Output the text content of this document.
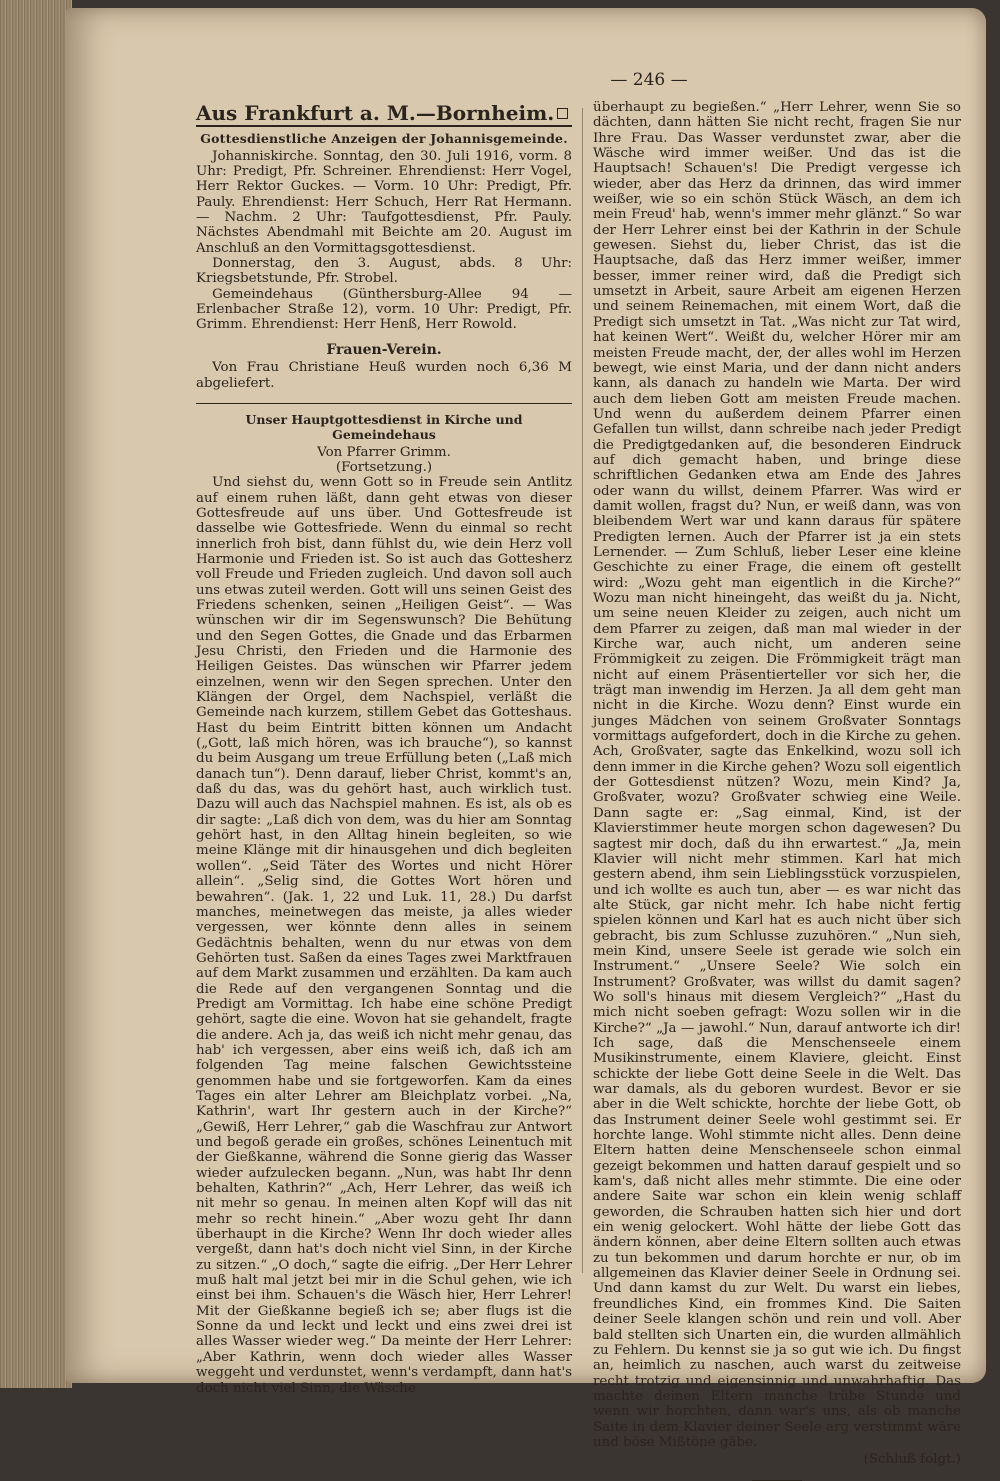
— 246 —
Aus Frankfurt a. M.—Bornheim.
Gottesdienstliche Anzeigen der Johannisgemeinde.

Johanniskirche. Sonntag, den 30. Juli 1916, vorm. 8 Uhr: Predigt, Pfr. Schreiner. Ehrendienst: Herr Vogel, Herr Rektor Guckes. — Vorm. 10 Uhr: Predigt, Pfr. Pauly. Ehrendienst: Herr Schuch, Herr Rat Hermann. — Nachm. 2 Uhr: Taufgottesdienst, Pfr. Pauly. Nächstes Abendmahl mit Beichte am 20. August im Anschluß an den Vormittagsgottesdienst.

Donnerstag, den 3. August, abds. 8 Uhr: Kriegsbetstunde, Pfr. Strobel.

Gemeindehaus (Günthersburg-Allee 94 — Erlenbacher Straße 12), vorm. 10 Uhr: Predigt, Pfr. Grimm. Ehrendienst: Herr Henß, Herr Rowold.

Frauen-Verein.

Von Frau Christiane Heuß wurden noch 6,36 M abgeliefert.

Unser Hauptgottesdienst in Kirche und Gemeindehaus
Von Pfarrer Grimm.
(Fortsetzung.)

Und siehst du, wenn Gott so in Freude sein Antlitz auf einem ruhen läßt, dann geht etwas von dieser Gottesfreude auf uns über. Und Gottesfreude ist dasselbe wie Gottesfriede. Wenn du einmal so recht innerlich froh bist, dann fühlst du, wie dein Herz voll Harmonie und Frieden ist. So ist auch das Gottesherz voll Freude und Frieden zugleich. Und davon soll auch uns etwas zuteil werden. Gott will uns seinen Geist des Friedens schenken, seinen „Heiligen Geist“. — Was wünschen wir dir im Segenswunsch? Die Behütung und den Segen Gottes, die Gnade und das Erbarmen Jesu Christi, den Frieden und die Harmonie des Heiligen Geistes. Das wünschen wir Pfarrer jedem einzelnen, wenn wir den Segen sprechen. Unter den Klängen der Orgel, dem Nachspiel, verläßt die Gemeinde nach kurzem, stillem Gebet das Gotteshaus. Hast du beim Eintritt bitten können um Andacht („Gott, laß mich hören, was ich brauche“), so kannst du beim Ausgang um treue Erfüllung beten („Laß mich danach tun“). Denn darauf, lieber Christ, kommt's an, daß du das, was du gehört hast, auch wirklich tust. Dazu will auch das Nachspiel mahnen. Es ist, als ob es dir sagte: „Laß dich von dem, was du hier am Sonntag gehört hast, in den Alltag hinein begleiten, so wie meine Klänge mit dir hinausgehen und dich begleiten wollen“. „Seid Täter des Wortes und nicht Hörer allein“. „Selig sind, die Gottes Wort hören und bewahren“. (Jak. 1, 22 und Luk. 11, 28.) Du darfst manches, meinetwegen das meiste, ja alles wieder vergessen, wer könnte denn alles in seinem Gedächtnis behalten, wenn du nur etwas von dem Gehörten tust. Saßen da eines Tages zwei Marktfrauen auf dem Markt zusammen und erzählten. Da kam auch die Rede auf den vergangenen Sonntag und die Predigt am Vormittag. Ich habe eine schöne Predigt gehört, sagte die eine. Wovon hat sie gehandelt, fragte die andere. Ach ja, das weiß ich nicht mehr genau, das hab' ich vergessen, aber eins weiß ich, daß ich am folgenden Tag meine falschen Gewichtssteine genommen habe und sie fortgeworfen. Kam da eines Tages ein alter Lehrer am Bleichplatz vorbei. „Na, Kathrin', wart Ihr gestern auch in der Kirche?“ „Gewiß, Herr Lehrer,“ gab die Waschfrau zur Antwort und begoß gerade ein großes, schönes Leinentuch mit der Gießkanne, während die Sonne gierig das Wasser wieder aufzulecken begann. „Nun, was habt Ihr denn behalten, Kathrin?“ „Ach, Herr Lehrer, das weiß ich nit mehr so genau. In meinen alten Kopf will das nit mehr so recht hinein.“ „Aber wozu geht Ihr dann überhaupt in die Kirche? Wenn Ihr doch wieder alles vergeßt, dann hat's doch nicht viel Sinn, in der Kirche zu sitzen.“ „O doch,“ sagte die eifrig. „Der Herr Lehrer muß halt mal jetzt bei mir in die Schul gehen, wie ich einst bei ihm. Schauen's die Wäsch hier, Herr Lehrer! Mit der Gießkanne begieß ich se; aber flugs ist die Sonne da und leckt und leckt und eins zwei drei ist alles Wasser wieder weg.“ Da meinte der Herr Lehrer: „Aber Kathrin, wenn doch wieder alles Wasser weggeht und verdunstet, wenn's verdampft, dann hat's doch nicht viel Sinn, die Wäsche

überhaupt zu begießen.“ „Herr Lehrer, wenn Sie so dächten, dann hätten Sie nicht recht, fragen Sie nur Ihre Frau. Das Wasser verdunstet zwar, aber die Wäsche wird immer weißer. Und das ist die Hauptsach! Schauen's! Die Predigt vergesse ich wieder, aber das Herz da drinnen, das wird immer weißer, wie so ein schön Stück Wäsch, an dem ich mein Freud' hab, wenn's immer mehr glänzt.“ So war der Herr Lehrer einst bei der Kathrin in der Schule gewesen. Siehst du, lieber Christ, das ist die Hauptsache, daß das Herz immer weißer, immer besser, immer reiner wird, daß die Predigt sich umsetzt in Arbeit, saure Arbeit am eigenen Herzen und seinem Reinemachen, mit einem Wort, daß die Predigt sich umsetzt in Tat. „Was nicht zur Tat wird, hat keinen Wert“. Weißt du, welcher Hörer mir am meisten Freude macht, der, der alles wohl im Herzen bewegt, wie einst Maria, und der dann nicht anders kann, als danach zu handeln wie Marta. Der wird auch dem lieben Gott am meisten Freude machen. Und wenn du außerdem deinem Pfarrer einen Gefallen tun willst, dann schreibe nach jeder Predigt die Predigtgedanken auf, die besonderen Eindruck auf dich gemacht haben, und bringe diese schriftlichen Gedanken etwa am Ende des Jahres oder wann du willst, deinem Pfarrer. Was wird er damit wollen, fragst du? Nun, er weiß dann, was von bleibendem Wert war und kann daraus für spätere Predigten lernen. Auch der Pfarrer ist ja ein stets Lernender. — Zum Schluß, lieber Leser eine kleine Geschichte zu einer Frage, die einem oft gestellt wird: „Wozu geht man eigentlich in die Kirche?“ Wozu man nicht hineingeht, das weißt du ja. Nicht, um seine neuen Kleider zu zeigen, auch nicht um dem Pfarrer zu zeigen, daß man mal wieder in der Kirche war, auch nicht, um anderen seine Frömmigkeit zu zeigen. Die Frömmigkeit trägt man nicht auf einem Präsentierteller vor sich her, die trägt man inwendig im Herzen. Ja all dem geht man nicht in die Kirche. Wozu denn? Einst wurde ein junges Mädchen von seinem Großvater Sonntags vormittags aufgefordert, doch in die Kirche zu gehen. Ach, Großvater, sagte das Enkelkind, wozu soll ich denn immer in die Kirche gehen? Wozu soll eigentlich der Gottesdienst nützen? Wozu, mein Kind? Ja, Großvater, wozu? Großvater schwieg eine Weile. Dann sagte er: „Sag einmal, Kind, ist der Klavierstimmer heute morgen schon dagewesen? Du sagtest mir doch, daß du ihn erwartest.“ „Ja, mein Klavier will nicht mehr stimmen. Karl hat mich gestern abend, ihm sein Lieblingsstück vorzuspielen, und ich wollte es auch tun, aber — es war nicht das alte Stück, gar nicht mehr. Ich habe nicht fertig spielen können und Karl hat es auch nicht über sich gebracht, bis zum Schlusse zuzuhören.“ „Nun sieh, mein Kind, unsere Seele ist gerade wie solch ein Instrument.“ „Unsere Seele? Wie solch ein Instrument? Großvater, was willst du damit sagen? Wo soll's hinaus mit diesem Vergleich?“ „Hast du mich nicht soeben gefragt: Wozu sollen wir in die Kirche?“ „Ja — jawohl.“ Nun, darauf antworte ich dir! Ich sage, daß die Menschenseele einem Musikinstrumente, einem Klaviere, gleicht. Einst schickte der liebe Gott deine Seele in die Welt. Das war damals, als du geboren wurdest. Bevor er sie aber in die Welt schickte, horchte der liebe Gott, ob das Instrument deiner Seele wohl gestimmt sei. Er horchte lange. Wohl stimmte nicht alles. Denn deine Eltern hatten deine Menschenseele schon einmal gezeigt bekommen und hatten darauf gespielt und so kam's, daß nicht alles mehr stimmte. Die eine oder andere Saite war schon ein klein wenig schlaff geworden, die Schrauben hatten sich hier und dort ein wenig gelockert. Wohl hätte der liebe Gott das ändern können, aber deine Eltern sollten auch etwas zu tun bekommen und darum horchte er nur, ob im allgemeinen das Klavier deiner Seele in Ordnung sei. Und dann kamst du zur Welt. Du warst ein liebes, freundliches Kind, ein frommes Kind. Die Saiten deiner Seele klangen schön und rein und voll. Aber bald stellten sich Unarten ein, die wurden allmählich zu Fehlern. Du kennst sie ja so gut wie ich. Du fingst an, heimlich zu naschen, auch warst du zeitweise recht trotzig und eigensinnig und unwahrhaftig. Das machte deinen Eltern manche trübe Stunde und wenn wir horchten, dann war's uns, als ob manche Saite in dem Klavier deiner Seele arg verstimmt wäre und böse Mißtöne gäbe.

(Schluß folgt.)
